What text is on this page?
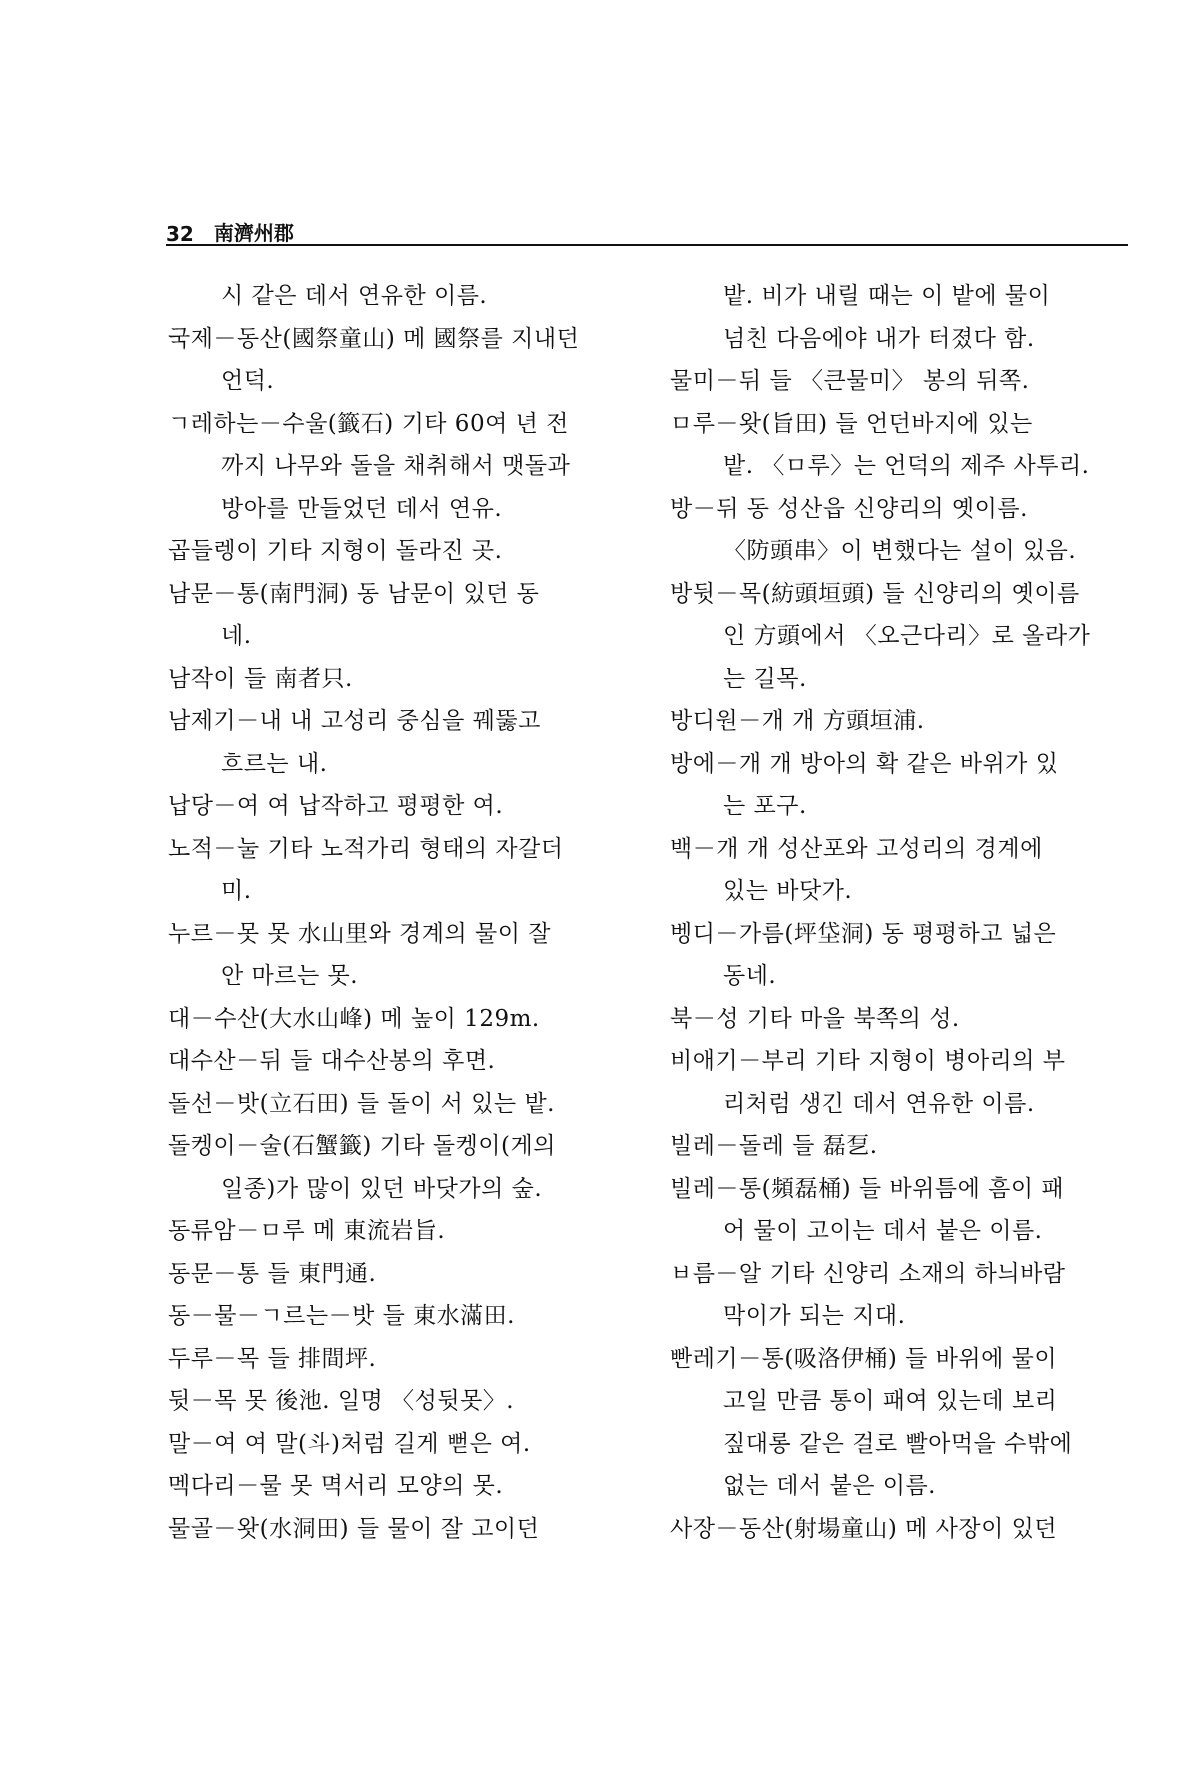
32 南濟州郡
시 같은 데서 연유한 이름.
국제－동산(國祭童山) 메 國祭를 지내던
언덕.
ㄱ레하는－수울(籤石) 기타 60여 년 전
까지 나무와 돌을 채취해서 맷돌과
방아를 만들었던 데서 연유.
곱들렝이 기타 지형이 돌라진 곳.
남문－통(南門洞) 동 남문이 있던 동
네.
남작이 들 南者只.
남제기－내 내 고성리 중심을 꿰뚫고
흐르는 내.
납당－여 여 납작하고 평평한 여.
노적－눌 기타 노적가리 형태의 자갈더
미.
누르－못 못 水山里와 경계의 물이 잘
안 마르는 못.
대－수산(大水山峰) 메 높이 129m.
대수산－뒤 들 대수산봉의 후면.
돌선－밧(立石田) 들 돌이 서 있는 밭.
돌켕이－술(石蟹籤) 기타 돌켕이(게의
일종)가 많이 있던 바닷가의 숲.
동류암－ㅁ루 메 東流岩旨.
동문－통 들 東門通.
동－물－ㄱ르는－밧 들 東水滿田.
두루－목 들 排間坪.
뒷－목 못 後池. 일명 〈성뒷못〉.
말－여 여 말(斗)처럼 길게 뻗은 여.
멕다리－물 못 멱서리 모양의 못.
물골－왓(水洞田) 들 물이 잘 고이던
밭. 비가 내릴 때는 이 밭에 물이
넘친 다음에야 내가 터졌다 함.
물미－뒤 들 〈큰물미〉 봉의 뒤쪽.
ㅁ루－왓(旨田) 들 언던바지에 있는
밭. 〈ㅁ루〉는 언덕의 제주 사투리.
방－뒤 동 성산읍 신양리의 옛이름.
〈防頭串〉이 변했다는 설이 있음.
방뒷－목(紡頭垣頭) 들 신양리의 옛이름
인 方頭에서 〈오근다리〉로 올라가
는 길목.
방디원－개 개 方頭垣浦.
방에－개 개 방아의 확 같은 바위가 있
는 포구.
백－개 개 성산포와 고성리의 경계에
있는 바닷가.
벵디－가름(坪垈洞) 동 평평하고 넓은
동네.
북－성 기타 마을 북쪽의 성.
비애기－부리 기타 지형이 병아리의 부
리처럼 생긴 데서 연유한 이름.
빌레－돌레 들 磊乭.
빌레－통(頻磊桶) 들 바위틈에 흠이 패
어 물이 고이는 데서 붙은 이름.
ㅂ름－알 기타 신양리 소재의 하늬바람
막이가 되는 지대.
빤레기－통(吸洛伊桶) 들 바위에 물이
고일 만큼 통이 패여 있는데 보리
짚대롱 같은 걸로 빨아먹을 수밖에
없는 데서 붙은 이름.
사장－동산(射場童山) 메 사장이 있던
